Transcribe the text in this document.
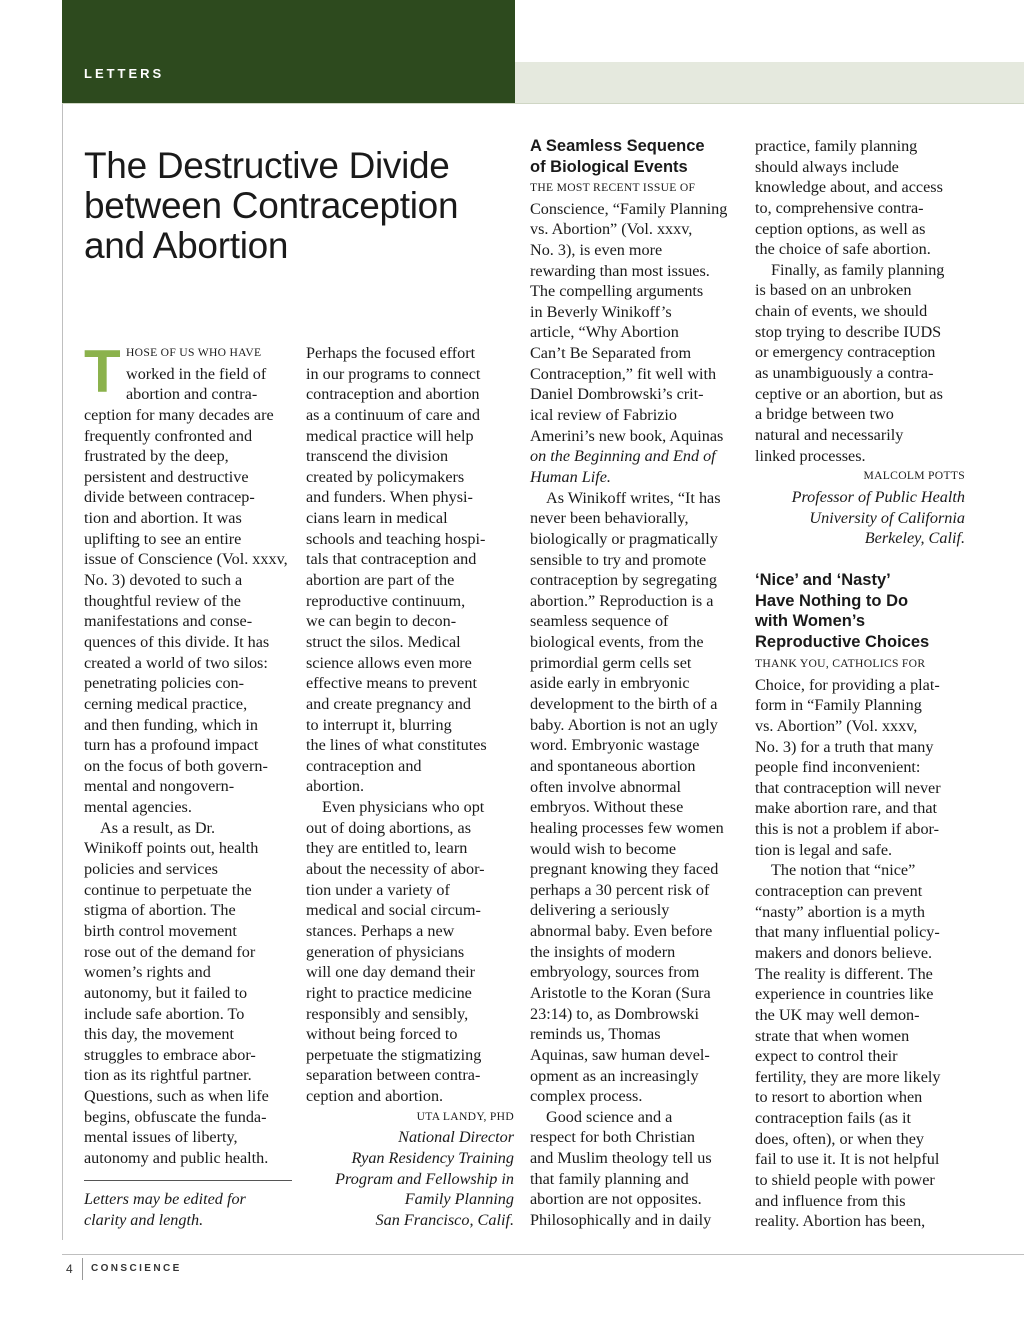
LETTERS
The Destructive Divide between Contraception and Abortion
T HOSE OF US WHO HAVE
worked in the field of
abortion and contra-
ception for many decades are
frequently confronted and
frustrated by the deep,
persistent and destructive
divide between contracep-
tion and abortion. It was
uplifting to see an entire
issue of Conscience (Vol. xxxv,
No. 3) devoted to such a
thoughtful review of the
manifestations and conse-
quences of this divide. It has
created a world of two silos:
penetrating policies con-
cerning medical practice,
and then funding, which in
turn has a profound impact
on the focus of both govern-
mental and nongovern-
mental agencies.
As a result, as Dr.
Winikoff points out, health
policies and services
continue to perpetuate the
stigma of abortion. The
birth control movement
rose out of the demand for
women’s rights and
autonomy, but it failed to
include safe abortion. To
this day, the movement
struggles to embrace abor-
tion as its rightful partner.
Questions, such as when life
begins, obfuscate the funda-
mental issues of liberty,
autonomy and public health.
Letters may be edited for
clarity and length.
Perhaps the focused effort
in our programs to connect
contraception and abortion
as a continuum of care and
medical practice will help
transcend the division
created by policymakers
and funders. When physi-
cians learn in medical
schools and teaching hospi-
tals that contraception and
abortion are part of the
reproductive continuum,
we can begin to decon-
struct the silos. Medical
science allows even more
effective means to prevent
and create pregnancy and
to interrupt it, blurring
the lines of what constitutes
contraception and
abortion.
Even physicians who opt
out of doing abortions, as
they are entitled to, learn
about the necessity of abor-
tion under a variety of
medical and social circum-
stances. Perhaps a new
generation of physicians
will one day demand their
right to practice medicine
responsibly and sensibly,
without being forced to
perpetuate the stigmatizing
separation between contra-
ception and abortion.
UTA LANDY, PHD
National Director
Ryan Residency Training
Program and Fellowship in
Family Planning
San Francisco, Calif.
A Seamless Sequence
of Biological Events
THE MOST RECENT ISSUE OF
Conscience, “Family Planning
vs. Abortion” (Vol. xxxv,
No. 3), is even more
rewarding than most issues.
The compelling arguments
in Beverly Winikoff’s
article, “Why Abortion
Can’t Be Separated from
Contraception,” fit well with
Daniel Dombrowski’s crit-
ical review of Fabrizio
Amerini’s new book, Aquinas
on the Beginning and End of
Human Life.
As Winikoff writes, “It has
never been behaviorally,
biologically or pragmatically
sensible to try and promote
contraception by segregating
abortion.” Reproduction is a
seamless sequence of
biological events, from the
primordial germ cells set
aside early in embryonic
development to the birth of a
baby. Abortion is not an ugly
word. Embryonic wastage
and spontaneous abortion
often involve abnormal
embryos. Without these
healing processes few women
would wish to become
pregnant knowing they faced
perhaps a 30 percent risk of
delivering a seriously
abnormal baby. Even before
the insights of modern
embryology, sources from
Aristotle to the Koran (Sura
23:14) to, as Dombrowski
reminds us, Thomas
Aquinas, saw human devel-
opment as an increasingly
complex process.
Good science and a
respect for both Christian
and Muslim theology tell us
that family planning and
abortion are not opposites.
Philosophically and in daily
practice, family planning
should always include
knowledge about, and access
to, comprehensive contra-
ception options, as well as
the choice of safe abortion.
Finally, as family planning
is based on an unbroken
chain of events, we should
stop trying to describe IUDS
or emergency contraception
as unambiguously a contra-
ceptive or an abortion, but as
a bridge between two
natural and necessarily
linked processes.
MALCOLM POTTS
Professor of Public Health
University of California
Berkeley, Calif.
‘Nice’ and ‘Nasty’
Have Nothing to Do
with Women’s
Reproductive Choices
THANK YOU, CATHOLICS FOR
Choice, for providing a plat-
form in “Family Planning
vs. Abortion” (Vol. xxxv,
No. 3) for a truth that many
people find inconvenient:
that contraception will never
make abortion rare, and that
this is not a problem if abor-
tion is legal and safe.
The notion that “nice”
contraception can prevent
“nasty” abortion is a myth
that many influential policy-
makers and donors believe.
The reality is different. The
experience in countries like
the UK may well demon-
strate that when women
expect to control their
fertility, they are more likely
to resort to abortion when
contraception fails (as it
does, often), or when they
fail to use it. It is not helpful
to shield people with power
and influence from this
reality. Abortion has been,
4 CONSCIENCE
